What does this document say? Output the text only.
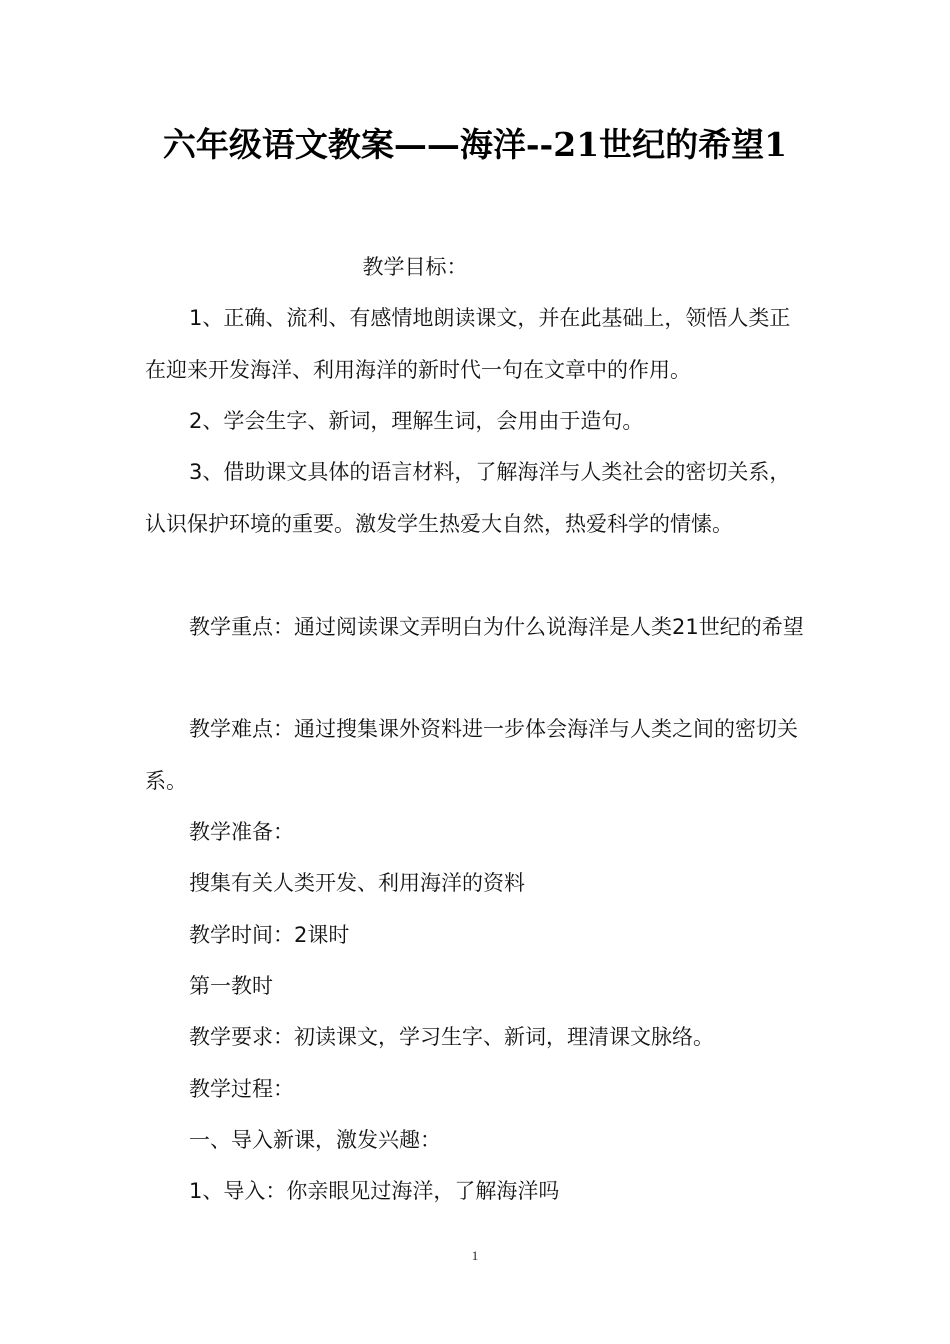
六年级语文教案——海洋--21世纪的希望1

教学目标：

1、正确、流利、有感情地朗读课文，并在此基础上，领悟人类正在迎来开发海洋、利用海洋的新时代一句在文章中的作用。

2、学会生字、新词，理解生词，会用由于造句。

3、借助课文具体的语言材料，了解海洋与人类社会的密切关系，认识保护环境的重要。激发学生热爱大自然，热爱科学的情愫。

教学重点：通过阅读课文弄明白为什么说海洋是人类21世纪的希望

教学难点：通过搜集课外资料进一步体会海洋与人类之间的密切关系。

教学准备：

搜集有关人类开发、利用海洋的资料

教学时间：2课时

第一教时

教学要求：初读课文，学习生字、新词，理清课文脉络。

教学过程：

一、导入新课，激发兴趣：

1、导入：你亲眼见过海洋，了解海洋吗

1
